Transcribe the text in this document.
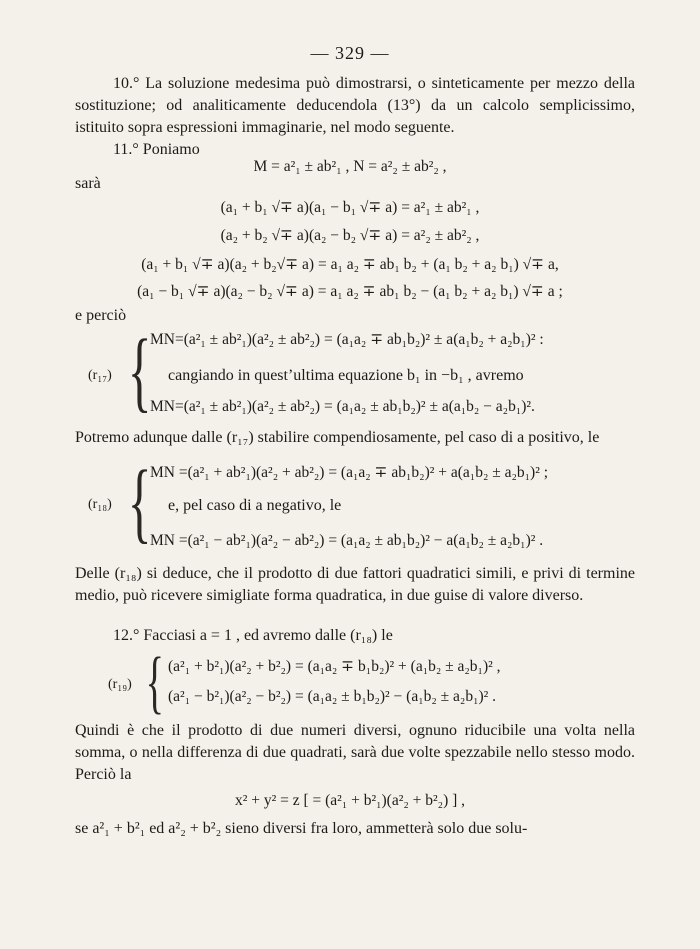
— 329 —
10.° La soluzione medesima può dimostrarsi, o sinteticamente per mezzo della sostituzione; od analiticamente deducendola (13°) da un calcolo semplicissimo, istituito sopra espressioni immaginarie, nel modo seguente.
11.° Poniamo
M = a²₁ ± ab²₁ , N = a²₂ ± ab²₂ ,
sarà
(a₁ + b₁ √∓ a)(a₁ − b₁ √∓ a) = a²₁ ± ab²₁ ,
(a₂ + b₂ √∓ a)(a₂ − b₂ √∓ a) = a²₂ ± ab²₂ ,
(a₁ + b₁ √∓ a)(a₂ + b₂√∓ a) = a₁ a₂ ∓ ab₁ b₂ + (a₁ b₂ + a₂ b₁) √∓ a,
(a₁ − b₁ √∓ a)(a₂ − b₂ √∓ a) = a₁ a₂ ∓ ab₁ b₂ − (a₁ b₂ + a₂ b₁) √∓ a ;
e perciò
(r₁₇) {
MN=(a²₁ ± ab²₁)(a²₂ ± ab²₂) = (a₁a₂ ∓ ab₁b₂)² ± a(a₁b₂ + a₂b₁)² :
cangiando in quest’ultima equazione b₁ in −b₁ , avremo
MN=(a²₁ ± ab²₁)(a²₂ ± ab²₂) = (a₁a₂ ± ab₁b₂)² ± a(a₁b₂ − a₂b₁)².
Potremo adunque dalle (r₁₇) stabilire compendiosamente, pel caso di a positivo, le
(r₁₈) {
MN =(a²₁ + ab²₁)(a²₂ + ab²₂) = (a₁a₂ ∓ ab₁b₂)² + a(a₁b₂ ± a₂b₁)² ;
e, pel caso di a negativo, le
MN =(a²₁ − ab²₁)(a²₂ − ab²₂) = (a₁a₂ ± ab₁b₂)² − a(a₁b₂ ± a₂b₁)² .
Delle (r₁₈) si deduce, che il prodotto di due fattori quadratici simili, e privi di termine medio, può ricevere simigliate forma quadratica, in due guise di valore diverso.
12.° Facciasi a = 1 , ed avremo dalle (r₁₈) le
(r₁₉) { (a²₁ + b²₁)(a²₂ + b²₂) = (a₁a₂ ∓ b₁b₂)² + (a₁b₂ ± a₂b₁)² ,
(a²₁ − b²₁)(a²₂ − b²₂) = (a₁a₂ ± b₁b₂)² − (a₁b₂ ± a₂b₁)² .
Quindi è che il prodotto di due numeri diversi, ognuno riducibile una volta nella somma, o nella differenza di due quadrati, sarà due volte spezzabile nello stesso modo. Perciò la
x² + y² = z [ = (a²₁ + b²₁)(a²₂ + b²₂) ] ,
se a²₁ + b²₁ ed a²₂ + b²₂ sieno diversi fra loro, ammetterà solo due solu-
